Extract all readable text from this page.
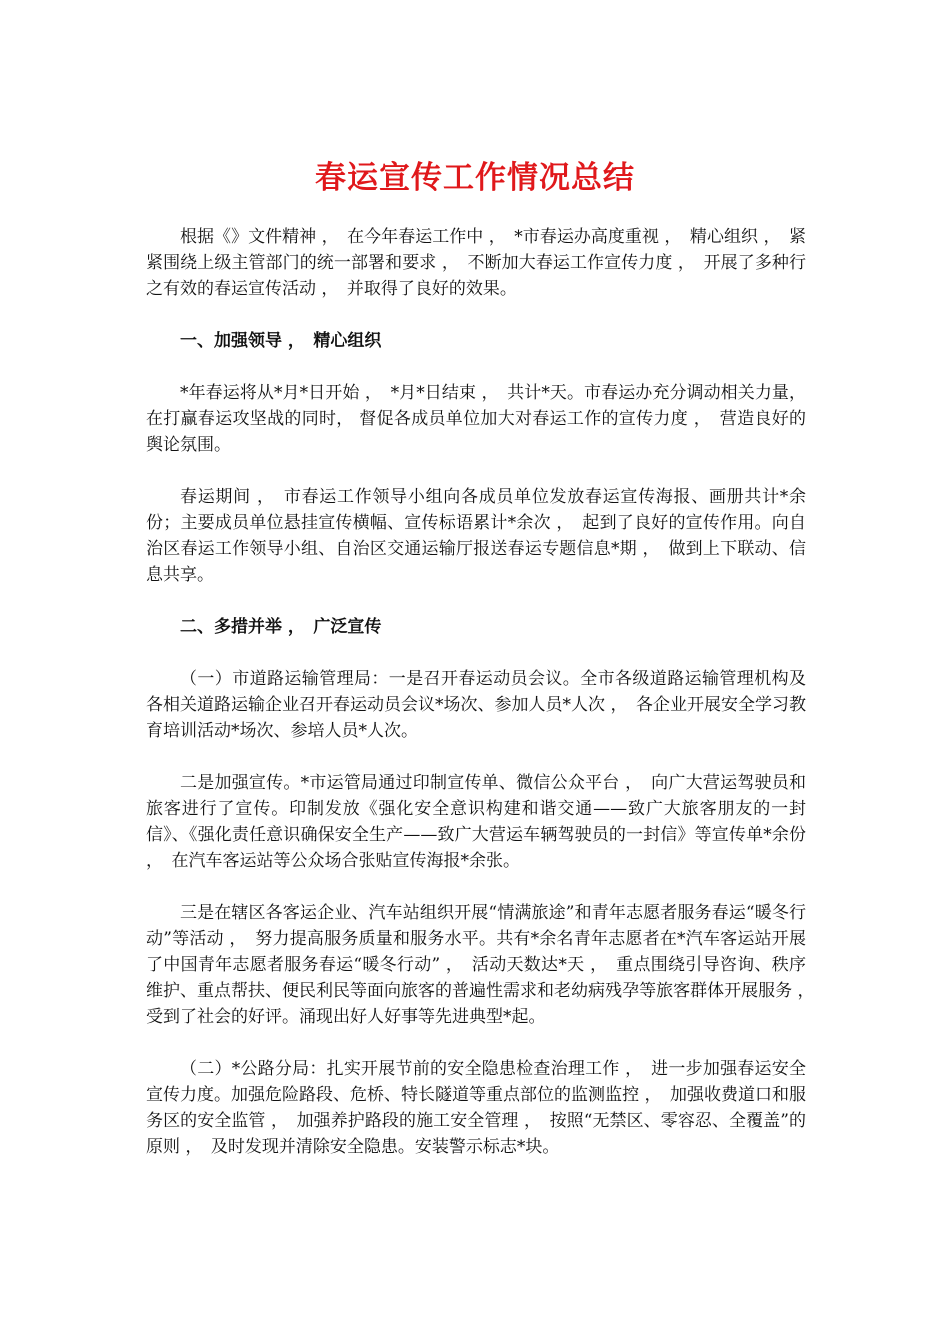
春运宣传工作情况总结

根据《》文件精神 ，　在今年春运工作中 ，　*市春运办高度重视 ，　精心组织 ，　紧紧围绕上级主管部门的统一部署和要求 ，　不断加大春运工作宣传力度 ，　开展了多种行之有效的春运宣传活动 ，　并取得了良好的效果。

一、加强领导 ，　精心组织

*年春运将从*月*日开始 ，　*月*日结束 ，　共计*天。市春运办充分调动相关力量， 在打赢春运攻坚战的同时， 督促各成员单位加大对春运工作的宣传力度 ，　营造良好的舆论氛围。

春运期间 ，　市春运工作领导小组向各成员单位发放春运宣传海报、画册共计*余份；主要成员单位悬挂宣传横幅、宣传标语累计*余次 ，　起到了良好的宣传作用。向自治区春运工作领导小组、自治区交通运输厅报送春运专题信息*期 ，　做到上下联动、信息共享。

二、多措并举 ，　广泛宣传

（一）市道路运输管理局：一是召开春运动员会议。全市各级道路运输管理机构及各相关道路运输企业召开春运动员会议*场次、参加人员*人次 ，　各企业开展安全学习教育培训活动*场次、参培人员*人次。

二是加强宣传。*市运管局通过印制宣传单、微信公众平台 ，　向广大营运驾驶员和旅客进行了宣传。印制发放《强化安全意识构建和谐交通——致广大旅客朋友的一封信》、《强化责任意识确保安全生产——致广大营运车辆驾驶员的一封信》等宣传单*余份 ，　在汽车客运站等公众场合张贴宣传海报*余张。

三是在辖区各客运企业、汽车站组织开展“情满旅途”和青年志愿者服务春运“暖冬行动”等活动 ，　努力提高服务质量和服务水平。共有*余名青年志愿者在*汽车客运站开展了中国青年志愿者服务春运“暖冬行动” ，　活动天数达*天 ，　重点围绕引导咨询、秩序维护、重点帮扶、便民利民等面向旅客的普遍性需求和老幼病残孕等旅客群体开展服务 ，　受到了社会的好评。涌现出好人好事等先进典型*起。

（二）*公路分局：扎实开展节前的安全隐患检查治理工作 ，　进一步加强春运安全宣传力度。加强危险路段、危桥、特长隧道等重点部位的监测监控 ，　加强收费道口和服务区的安全监管 ，　加强养护路段的施工安全管理 ，　按照“无禁区、零容忍、全覆盖”的原则 ，　及时发现并清除安全隐患。安装警示标志*块。
